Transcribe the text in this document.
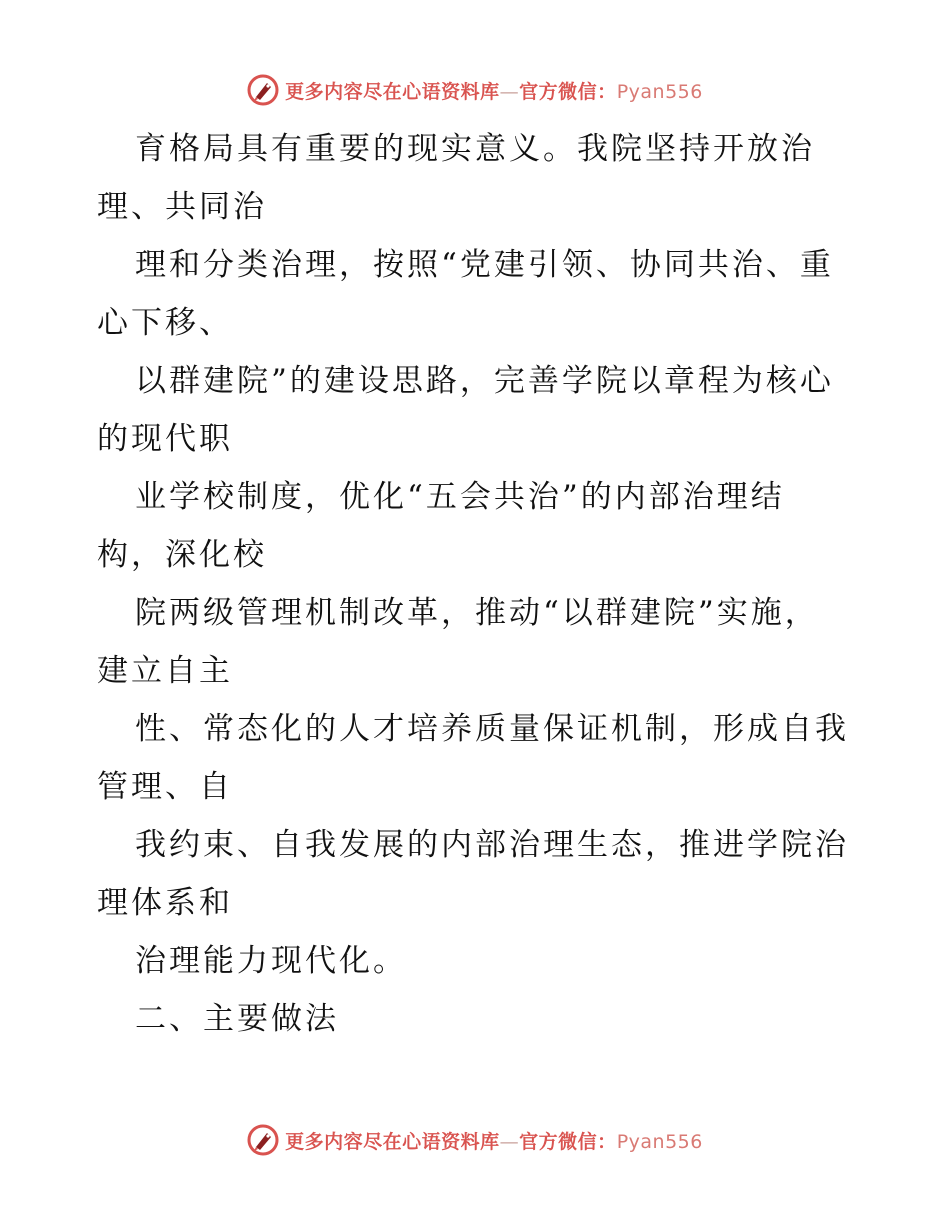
更多内容尽在心语资料库—官方微信：Pyan556
育格局具有重要的现实意义。我院坚持开放治
理、共同治
理和分类治理，按照“党建引领、协同共治、重
心下移、
以群建院”的建设思路，完善学院以章程为核心
的现代职
业学校制度，优化“五会共治”的内部治理结
构，深化校
院两级管理机制改革，推动“以群建院”实施，
建立自主
性、常态化的人才培养质量保证机制，形成自我
管理、自
我约束、自我发展的内部治理生态，推进学院治
理体系和
治理能力现代化。
二、主要做法
更多内容尽在心语资料库—官方微信：Pyan556
